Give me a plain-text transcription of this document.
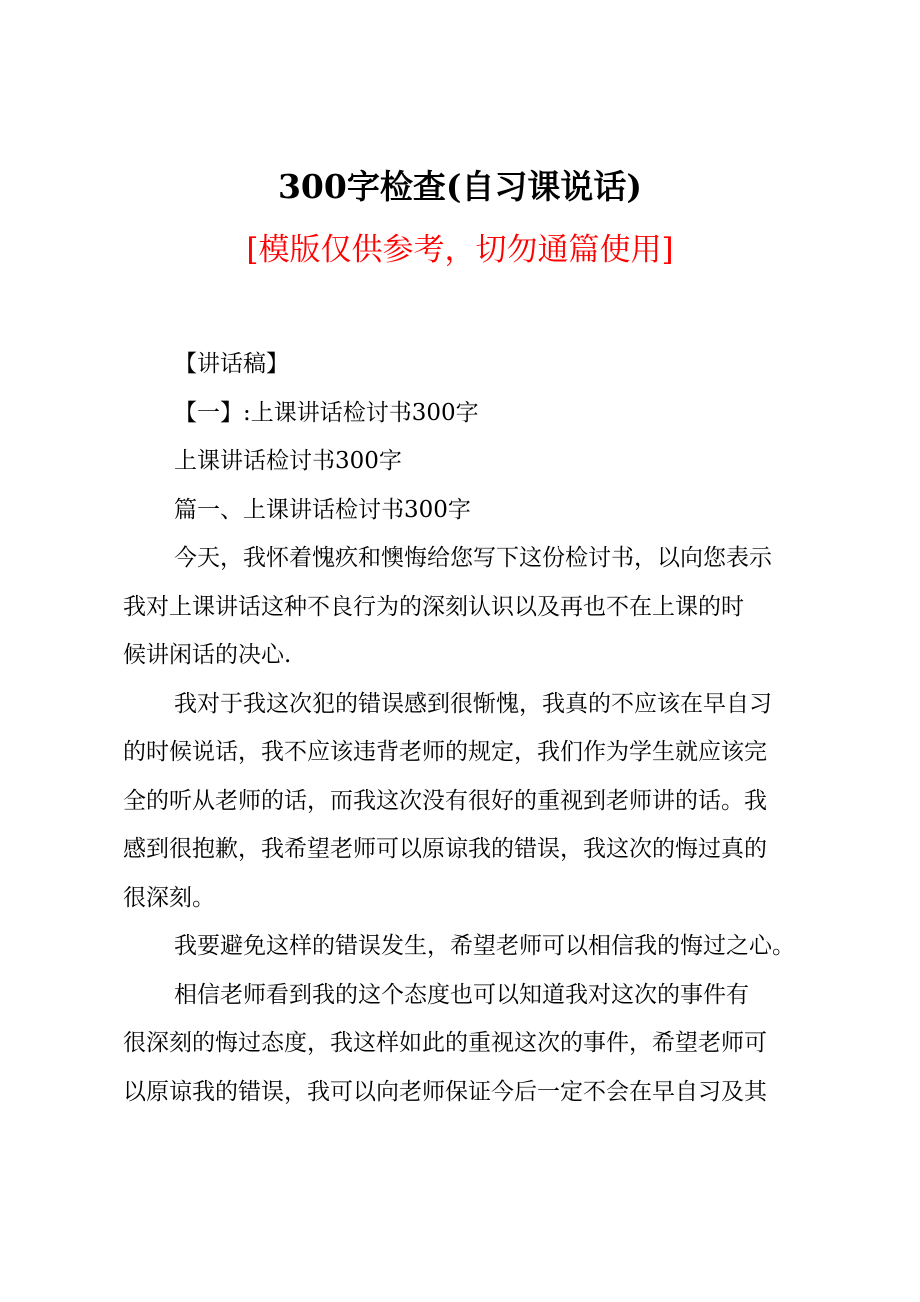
300字检查(自习课说话)
[模版仅供参考，切勿通篇使用]
【讲话稿】
【一】:上课讲话检讨书300字
上课讲话检讨书300字
篇一、上课讲话检讨书300字
今天，我怀着愧疚和懊悔给您写下这份检讨书，以向您表示
我对上课讲话这种不良行为的深刻认识以及再也不在上课的时
候讲闲话的决心.
我对于我这次犯的错误感到很惭愧，我真的不应该在早自习
的时候说话，我不应该违背老师的规定，我们作为学生就应该完
全的听从老师的话，而我这次没有很好的重视到老师讲的话。我
感到很抱歉，我希望老师可以原谅我的错误，我这次的悔过真的
很深刻。
我要避免这样的错误发生，希望老师可以相信我的悔过之心。
相信老师看到我的这个态度也可以知道我对这次的事件有
很深刻的悔过态度，我这样如此的重视这次的事件，希望老师可
以原谅我的错误，我可以向老师保证今后一定不会在早自习及其
